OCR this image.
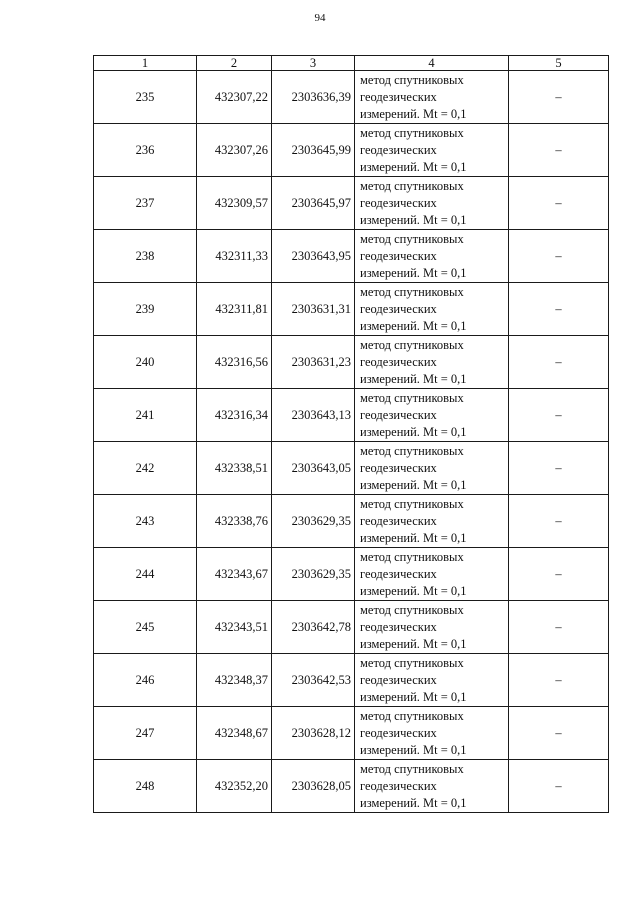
94
1	2	3	4	5
235	432307,22	2303636,39	метод спутниковых
геодезических
измерений. Mt = 0,1	–
236	432307,26	2303645,99	метод спутниковых
геодезических
измерений. Mt = 0,1	–
237	432309,57	2303645,97	метод спутниковых
геодезических
измерений. Mt = 0,1	–
238	432311,33	2303643,95	метод спутниковых
геодезических
измерений. Mt = 0,1	–
239	432311,81	2303631,31	метод спутниковых
геодезических
измерений. Mt = 0,1	–
240	432316,56	2303631,23	метод спутниковых
геодезических
измерений. Mt = 0,1	–
241	432316,34	2303643,13	метод спутниковых
геодезических
измерений. Mt = 0,1	–
242	432338,51	2303643,05	метод спутниковых
геодезических
измерений. Mt = 0,1	–
243	432338,76	2303629,35	метод спутниковых
геодезических
измерений. Mt = 0,1	–
244	432343,67	2303629,35	метод спутниковых
геодезических
измерений. Mt = 0,1	–
245	432343,51	2303642,78	метод спутниковых
геодезических
измерений. Mt = 0,1	–
246	432348,37	2303642,53	метод спутниковых
геодезических
измерений. Mt = 0,1	–
247	432348,67	2303628,12	метод спутниковых
геодезических
измерений. Mt = 0,1	–
248	432352,20	2303628,05	метод спутниковых
геодезических
измерений. Mt = 0,1	–
